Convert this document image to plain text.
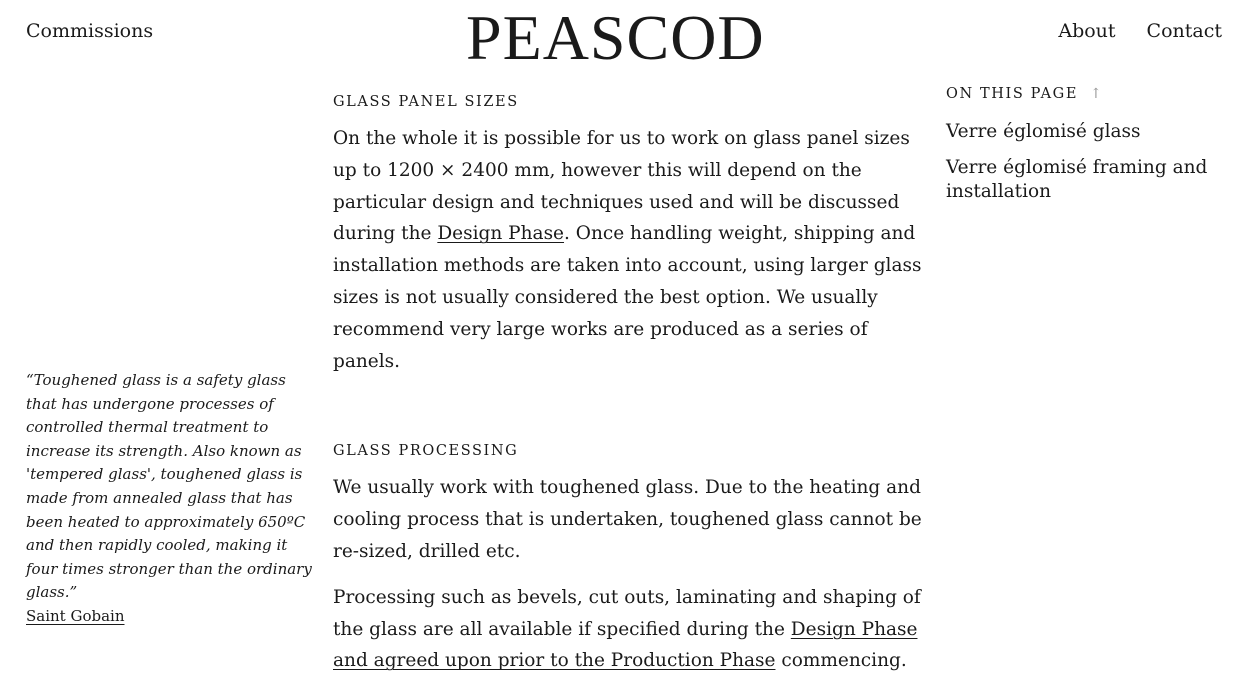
Commissions	PEASCOD	About Contact
GLASS PANEL SIZES

On the whole it is possible for us to work on glass panel sizes up to 1200 × 2400 mm, however this will depend on the particular design and techniques used and will be discussed during the Design Phase. Once handling weight, shipping and installation methods are taken into account, using larger glass sizes is not usually considered the best option. We usually recommend very large works are produced as a series of panels.

GLASS PROCESSING

We usually work with toughened glass. Due to the heating and cooling process that is undertaken, toughened glass cannot be re-sized, drilled etc.

Processing such as bevels, cut outs, laminating and shaping of the glass are all available if specified during the Design Phase and agreed upon prior to the Production Phase commencing.

“Toughened glass is a safety glass that has undergone processes of controlled thermal treatment to increase its strength. Also known as 'tempered glass', toughened glass is made from annealed glass that has been heated to approximately 650ºC and then rapidly cooled, making it four times stronger than the ordinary glass.”

Saint Gobain
ON THIS PAGE ↑
Verre églomisé glass
Verre églomisé framing and installation
